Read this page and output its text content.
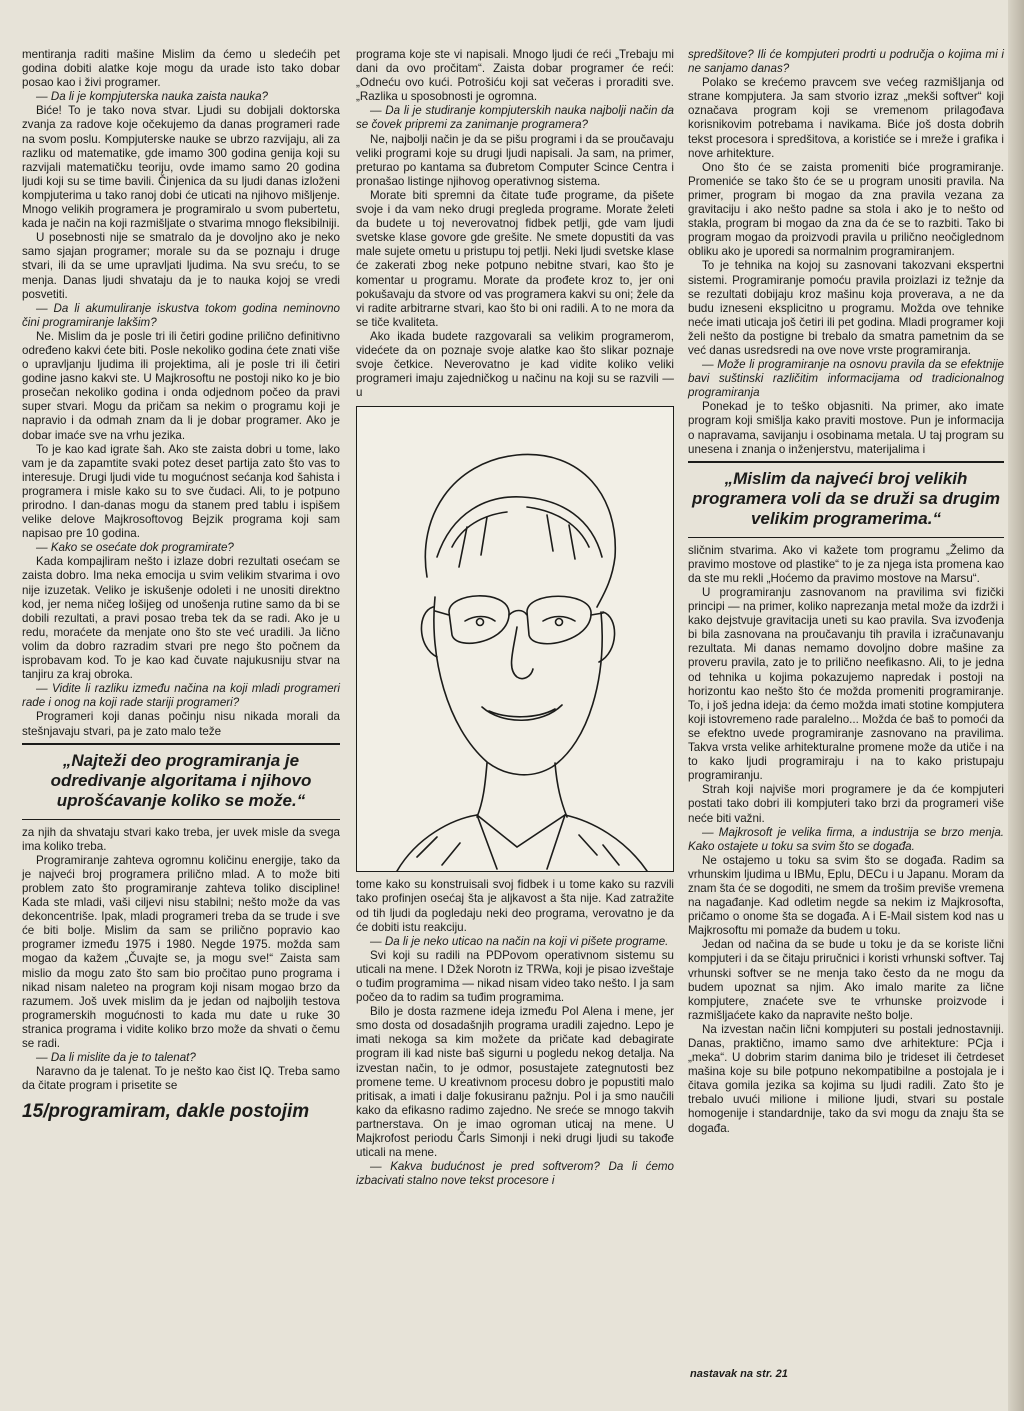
mentiranja raditi mašine Mislim da ćemo u sledećih pet godina dobiti alatke koje mogu da urade isto tako dobar posao kao i živi programer.

— Da li je kompjuterska nauka zaista nauka?

Biće! To je tako nova stvar. Ljudi su dobijali doktorska zvanja za radove koje očekujemo da danas programeri rade na svom poslu. Kompjuterske nauke se ubrzo razvijaju, ali za razliku od matematike, gde imamo 300 godina genija koji su razvijali matematičku teoriju, ovde imamo samo 20 godina ljudi koji su se time bavili. Činjenica da su ljudi danas izloženi kompjuterima u tako ranoj dobi će uticati na njihovo mišljenje. Mnogo velikih programera je programiralo u svom pubertetu, kada je način na koji razmišljate o stvarima mnogo fleksibilniji.

U posebnosti nije se smatralo da je dovoljno ako je neko samo sjajan programer; morale su da se poznaju i druge stvari, ili da se ume upravljati ljudima. Na svu sreću, to se menja. Danas ljudi shvataju da je to nauka kojoj se vredi posvetiti.

— Da li akumuliranje iskustva tokom godina neminovno čini programiranje lakšim?

Ne. Mislim da je posle tri ili četiri godine prilično definitivno određeno kakvi ćete biti. Posle nekoliko godina ćete znati više o upravljanju ljudima ili projektima, ali je posle tri ili četiri godine jasno kakvi ste. U Majkrosoftu ne postoji niko ko je bio prosečan nekoliko godina i onda odjednom počeo da pravi super stvari. Mogu da pričam sa nekim o programu koji je napravio i da odmah znam da li je dobar programer. Ako je dobar imaće sve na vrhu jezika.

To je kao kad igrate šah. Ako ste zaista dobri u tome, lako vam je da zapamtite svaki potez deset partija zato što vas to interesuje. Drugi ljudi vide tu mogućnost sećanja kod šahista i programera i misle kako su to sve čudaci. Ali, to je potpuno prirodno. I dan-danas mogu da stanem pred tablu i ispišem velike delove Majkrosoftovog Bejzik programa koji sam napisao pre 10 godina.

— Kako se osećate dok programirate?

Kada kompajliram nešto i izlaze dobri rezultati osećam se zaista dobro. Ima neka emocija u svim velikim stvarima i ovo nije izuzetak. Veliko je iskušenje odoleti i ne unositi direktno kod, jer nema ničeg lošijeg od unošenja rutine samo da bi se dobili rezultati, a pravi posao treba tek da se radi. Ako je u redu, moraćete da menjate ono što ste već uradili. Ja lično volim da dobro razradim stvari pre nego što počnem da isprobavam kod. To je kao kad čuvate najukusniju stvar na tanjiru za kraj obroka.

— Vidite li razliku između načina na koji mladi programeri rade i onog na koji rade stariji programeri?

Programeri koji danas počinju nisu nikada morali da stešnjavaju stvari, pa je zato malo teže

„Najteži deo programiranja je odredivanje algoritama i njihovo uprošćavanje koliko se može.“

za njih da shvataju stvari kako treba, jer uvek misle da svega ima koliko treba.

Programiranje zahteva ogromnu količinu energije, tako da je najveći broj programera prilično mlad. A to može biti problem zato što programiranje zahteva toliko discipline! Kada ste mladi, vaši ciljevi nisu stabilni; nešto može da vas dekoncentriše. Ipak, mladi programeri treba da se trude i sve će biti bolje. Mislim da sam se prilično popravio kao programer između 1975 i 1980. Negde 1975. možda sam mogao da kažem „Čuvajte se, ja mogu sve!“ Zaista sam mislio da mogu zato što sam bio pročitao puno programa i nikad nisam naleteo na program koji nisam mogao brzo da razumem. Još uvek mislim da je jedan od najboljih testova programerskih mogućnosti to kada mu date u ruke 30 stranica programa i vidite koliko brzo može da shvati o čemu se radi.

— Da li mislite da je to talenat?

Naravno da je talenat. To je nešto kao čist IQ. Treba samo da čitate program i prisetite se

15/programiram, dakle postojim

programa koje ste vi napisali. Mnogo ljudi će reći „Trebaju mi dani da ovo pročitam“. Zaista dobar programer će reći: „Odneću ovo kući. Potrošiću koji sat večeras i proraditi sve. „Razlika u sposobnosti je ogromna.

— Da li je studiranje kompjuterskih nauka najbolji način da se čovek pripremi za zanimanje programera?

Ne, najbolji način je da se pišu programi i da se proučavaju veliki programi koje su drugi ljudi napisali. Ja sam, na primer, preturao po kantama sa đubretom Computer Scince Centra i pronašao listinge njihovog operativnog sistema.

Morate biti spremni da čitate tuđe programe, da pišete svoje i da vam neko drugi pregleda programe. Morate želeti da budete u toj neverovatnoj fidbek petlji, gde vam ljudi svetske klase govore gde grešite. Ne smete dopustiti da vas male sujete ometu u pristupu toj petlji. Neki ljudi svetske klase će zakerati zbog neke potpuno nebitne stvari, kao što je komentar u programu. Morate da prođete kroz to, jer oni pokušavaju da stvore od vas programera kakvi su oni; žele da vi radite arbitrarne stvari, kao što bi oni radili. A to ne mora da se tiče kvaliteta.

Ako ikada budete razgovarali sa velikim programerom, videćete da on poznaje svoje alatke kao što slikar poznaje svoje četkice. Neverovatno je kad vidite koliko veliki programeri imaju zajedničkog u načinu na koji su se razvili — u

tome kako su konstruisali svoj fidbek i u tome kako su razvili tako profinjen osećaj šta je aljkavost a šta nije. Kad zatražite od tih ljudi da pogledaju neki deo programa, verovatno je da će dobiti istu reakciju.

— Da li je neko uticao na način na koji vi pišete programe.

Svi koji su radili na PDPovom operativnom sistemu su uticali na mene. I Džek Norotn iz TRWa, koji je pisao izveštaje o tuđim programima — nikad nisam video tako nešto. I ja sam počeo da to radim sa tuđim programima.

Bilo je dosta razmene ideja između Pol Alena i mene, jer smo dosta od dosadašnjih programa uradili zajedno. Lepo je imati nekoga sa kim možete da pričate kad debagirate program ili kad niste baš sigurni u pogledu nekog detalja. Na izvestan način, to je odmor, posustajete zategnutosti bez promene teme. U kreativnom procesu dobro je popustiti malo pritisak, a imati i dalje fokusiranu pažnju. Pol i ja smo naučili kako da efikasno radimo zajedno. Ne sreće se mnogo takvih partnerstava. On je imao ogroman uticaj na mene. U Majkrofost periodu Čarls Simonji i neki drugi ljudi su takođe uticali na mene.

— Kakva budućnost je pred softverom? Da li ćemo izbacivati stalno nove tekst procesore i

spredšitove? Ili će kompjuteri prodrti u područja o kojima mi i ne sanjamo danas?

Polako se krećemo pravcem sve većeg razmišljanja od strane kompjutera. Ja sam stvorio izraz „mekši softver“ koji označava program koji se vremenom prilagođava korisnikovim potrebama i navikama. Biće još dosta dobrih tekst procesora i spredšitova, a koristiće se i mreže i grafika i nove arhitekture.

Ono što će se zaista promeniti biće programiranje. Promeniće se tako što će se u program unositi pravila. Na primer, program bi mogao da zna pravila vezana za gravitaciju i ako nešto padne sa stola i ako je to nešto od stakla, program bi mogao da zna da će se to razbiti. Tako bi program mogao da proizvodi pravila u prilično neočiglednom obliku ako je uporedi sa normalnim programiranjem.

To je tehnika na kojoj su zasnovani takozvani ekspertni sistemi. Programiranje pomoću pravila proizlazi iz težnje da se rezultati dobijaju kroz mašinu koja proverava, a ne da budu izneseni eksplicitno u programu. Možda ove tehnike neće imati uticaja još četiri ili pet godina. Mladi programer koji želi nešto da postigne bi trebalo da smatra pametnim da se već danas usredsredi na ove nove vrste programiranja.

— Može li programiranje na osnovu pravila da se efektnije bavi suštinski različitim informacijama od tradicionalnog programiranja

Ponekad je to teško objasniti. Na primer, ako imate program koji smišlja kako praviti mostove. Pun je informacija o napravama, savijanju i osobinama metala. U taj program su unesena i znanja o inženjerstvu, materijalima i

„Mislim da najveći broj velikih programera voli da se druži sa drugim velikim programerima.“

sličnim stvarima. Ako vi kažete tom programu „Želimo da pravimo mostove od plastike“ to je za njega ista promena kao da ste mu rekli „Hoćemo da pravimo mostove na Marsu“.

U programiranju zasnovanom na pravilima svi fizički principi — na primer, koliko naprezanja metal može da izdrži i kako dejstvuje gravitacija uneti su kao pravila. Sva izvođenja bi bila zasnovana na proučavanju tih pravila i izračunavanju rezultata. Mi danas nemamo dovoljno dobre mašine za proveru pravila, zato je to prilično neefikasno. Ali, to je jedna od tehnika u kojima pokazujemo napredak i postoji na horizontu kao nešto što će možda promeniti programiranje. To, i još jedna ideja: da ćemo možda imati stotine kompjutera koji istovremeno rade paralelno... Možda će baš to pomoći da se efektno uvede programiranje zasnovano na pravilima. Takva vrsta velike arhitekturalne promene može da utiče i na to kako ljudi programiraju i na to kako pristupaju programiranju.

Strah koji najviše mori programere je da će kompjuteri postati tako dobri ili kompjuteri tako brzi da programeri više neće biti važni.

— Majkrosoft je velika firma, a industrija se brzo menja. Kako ostajete u toku sa svim što se događa.

Ne ostajemo u toku sa svim što se događa. Radim sa vrhunskim ljudima u IBMu, Eplu, DECu i u Japanu. Moram da znam šta će se dogoditi, ne smem da trošim previše vremena na nagađanje. Kad odletim negde sa nekim iz Majkrosofta, pričamo o onome šta se događa. A i E-Mail sistem kod nas u Majkrosoftu mi pomaže da budem u toku.

Jedan od načina da se bude u toku je da se koriste lični kompjuteri i da se čitaju priručnici i koristi vrhunski softver. Taj vrhunski softver se ne menja tako često da ne mogu da budem upoznat sa njim. Ako imalo marite za lične kompjutere, znaćete sve te vrhunske proizvode i razmišljaćete kako da napravite nešto bolje.

Na izvestan način lični kompjuteri su postali jednostavniji. Danas, praktično, imamo samo dve arhitekture: PCja i „meka“. U dobrim starim danima bilo je trideset ili četrdeset mašina koje su bile potpuno nekompatibilne a postojala je i čitava gomila jezika sa kojima su ljudi radili. Zato što je trebalo uvući milione i milione ljudi, stvari su postale homogenije i standardnije, tako da svi mogu da znaju šta se događa.

nastavak na str. 21
